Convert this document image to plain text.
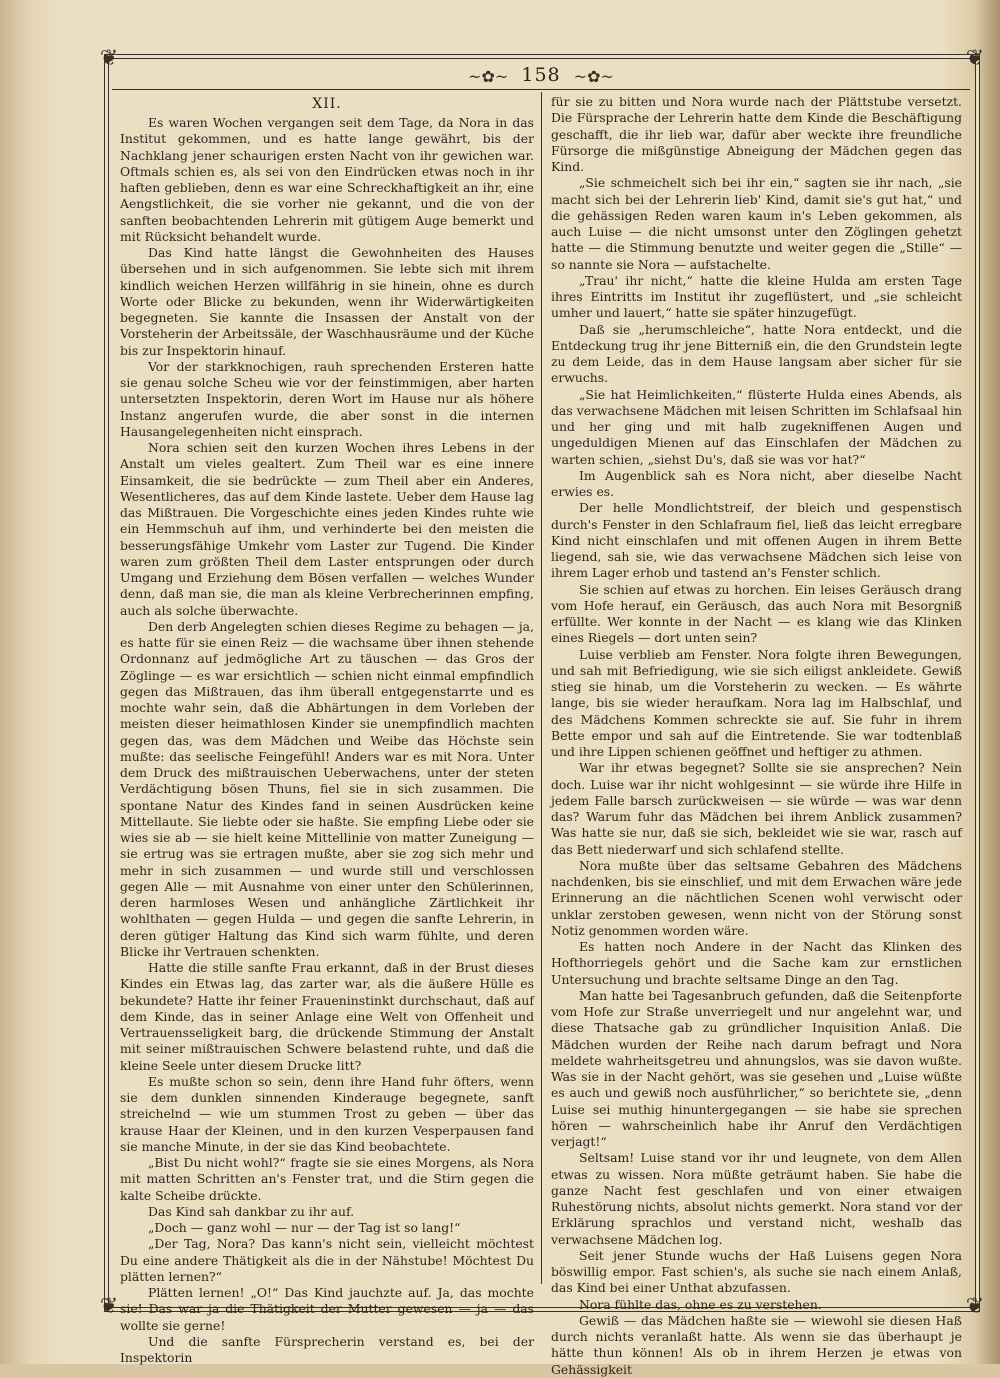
❦	❦
❦	❦
~✿~ 158 ~✿~
XII.

Es waren Wochen vergangen seit dem Tage, da Nora in das Institut gekommen, und es hatte lange gewährt, bis der Nachklang jener schaurigen ersten Nacht von ihr gewichen war. Oftmals schien es, als sei von den Eindrücken etwas noch in ihr haften geblieben, denn es war eine Schreckhaftigkeit an ihr, eine Aengstlichkeit, die sie vorher nie gekannt, und die von der sanften beobachtenden Lehrerin mit gütigem Auge bemerkt und mit Rücksicht behandelt wurde.

Das Kind hatte längst die Gewohnheiten des Hauses übersehen und in sich aufgenommen. Sie lebte sich mit ihrem kindlich weichen Herzen willfährig in sie hinein, ohne es durch Worte oder Blicke zu bekunden, wenn ihr Widerwärtigkeiten begegneten. Sie kannte die Insassen der Anstalt von der Vorsteherin der Arbeitssäle, der Waschhausräume und der Küche bis zur Inspektorin hinauf.

Vor der starkknochigen, rauh sprechenden Ersteren hatte sie genau solche Scheu wie vor der feinstimmigen, aber harten untersetzten Inspektorin, deren Wort im Hause nur als höhere Instanz angerufen wurde, die aber sonst in die internen Hausangelegenheiten nicht einsprach.

Nora schien seit den kurzen Wochen ihres Lebens in der Anstalt um vieles gealtert. Zum Theil war es eine innere Einsamkeit, die sie bedrückte — zum Theil aber ein Anderes, Wesentlicheres, das auf dem Kinde lastete. Ueber dem Hause lag das Mißtrauen. Die Vorgeschichte eines jeden Kindes ruhte wie ein Hemmschuh auf ihm, und verhinderte bei den meisten die besserungsfähige Umkehr vom Laster zur Tugend. Die Kinder waren zum größten Theil dem Laster entsprungen oder durch Umgang und Erziehung dem Bösen verfallen — welches Wunder denn, daß man sie, die man als kleine Verbrecherinnen empfing, auch als solche überwachte.

Den derb Angelegten schien dieses Regime zu behagen — ja, es hatte für sie einen Reiz — die wachsame über ihnen stehende Ordonnanz auf jedmögliche Art zu täuschen — das Gros der Zöglinge — es war ersichtlich — schien nicht einmal empfindlich gegen das Mißtrauen, das ihm überall entgegenstarrte und es mochte wahr sein, daß die Abhärtungen in dem Vorleben der meisten dieser heimathlosen Kinder sie unempfindlich machten gegen das, was dem Mädchen und Weibe das Höchste sein mußte: das seelische Feingefühl! Anders war es mit Nora. Unter dem Druck des mißtrauischen Ueberwachens, unter der steten Verdächtigung bösen Thuns, fiel sie in sich zusammen. Die spontane Natur des Kindes fand in seinen Ausdrücken keine Mittellaute. Sie liebte oder sie haßte. Sie empfing Liebe oder sie wies sie ab — sie hielt keine Mittellinie von matter Zuneigung — sie ertrug was sie ertragen mußte, aber sie zog sich mehr und mehr in sich zusammen — und wurde still und verschlossen gegen Alle — mit Ausnahme von einer unter den Schülerinnen, deren harmloses Wesen und anhängliche Zärtlichkeit ihr wohlthaten — gegen Hulda — und gegen die sanfte Lehrerin, in deren gütiger Haltung das Kind sich warm fühlte, und deren Blicke ihr Vertrauen schenkten.

Hatte die stille sanfte Frau erkannt, daß in der Brust dieses Kindes ein Etwas lag, das zarter war, als die äußere Hülle es bekundete? Hatte ihr feiner Fraueninstinkt durchschaut, daß auf dem Kinde, das in seiner Anlage eine Welt von Offenheit und Vertrauensseligkeit barg, die drückende Stimmung der Anstalt mit seiner mißtrauischen Schwere belastend ruhte, und daß die kleine Seele unter diesem Drucke litt?

Es mußte schon so sein, denn ihre Hand fuhr öfters, wenn sie dem dunklen sinnenden Kinderauge begegnete, sanft streichelnd — wie um stummen Trost zu geben — über das krause Haar der Kleinen, und in den kurzen Vesperpausen fand sie manche Minute, in der sie das Kind beobachtete.

„Bist Du nicht wohl?“ fragte sie sie eines Morgens, als Nora mit matten Schritten an's Fenster trat, und die Stirn gegen die kalte Scheibe drückte.

Das Kind sah dankbar zu ihr auf.

„Doch — ganz wohl — nur — der Tag ist so lang!“

„Der Tag, Nora? Das kann's nicht sein, vielleicht möchtest Du eine andere Thätigkeit als die in der Nähstube! Möchtest Du plätten lernen?“

Plätten lernen! „O!“ Das Kind jauchzte auf. Ja, das mochte sie! Das war ja die Thätigkeit der Mutter gewesen — ja — das wollte sie gerne!

Und die sanfte Fürsprecherin verstand es, bei der Inspektorin

für sie zu bitten und Nora wurde nach der Plättstube versetzt. Die Fürsprache der Lehrerin hatte dem Kinde die Beschäftigung geschafft, die ihr lieb war, dafür aber weckte ihre freundliche Fürsorge die mißgünstige Abneigung der Mädchen gegen das Kind.

„Sie schmeichelt sich bei ihr ein,“ sagten sie ihr nach, „sie macht sich bei der Lehrerin lieb' Kind, damit sie's gut hat,“ und die gehässigen Reden waren kaum in's Leben gekommen, als auch Luise — die nicht umsonst unter den Zöglingen gehetzt hatte — die Stimmung benutzte und weiter gegen die „Stille“ — so nannte sie Nora — aufstachelte.

„Trau' ihr nicht,“ hatte die kleine Hulda am ersten Tage ihres Eintritts im Institut ihr zugeflüstert, und „sie schleicht umher und lauert,“ hatte sie später hinzugefügt.

Daß sie „herumschleiche“, hatte Nora entdeckt, und die Entdeckung trug ihr jene Bitterniß ein, die den Grundstein legte zu dem Leide, das in dem Hause langsam aber sicher für sie erwuchs.

„Sie hat Heimlichkeiten,“ flüsterte Hulda eines Abends, als das verwachsene Mädchen mit leisen Schritten im Schlafsaal hin und her ging und mit halb zugekniffenen Augen und ungeduldigen Mienen auf das Einschlafen der Mädchen zu warten schien, „siehst Du's, daß sie was vor hat?“

Im Augenblick sah es Nora nicht, aber dieselbe Nacht erwies es.

Der helle Mondlichtstreif, der bleich und gespenstisch durch's Fenster in den Schlafraum fiel, ließ das leicht erregbare Kind nicht einschlafen und mit offenen Augen in ihrem Bette liegend, sah sie, wie das verwachsene Mädchen sich leise von ihrem Lager erhob und tastend an's Fenster schlich.

Sie schien auf etwas zu horchen. Ein leises Geräusch drang vom Hofe herauf, ein Geräusch, das auch Nora mit Besorgniß erfüllte. Wer konnte in der Nacht — es klang wie das Klinken eines Riegels — dort unten sein?

Luise verblieb am Fenster. Nora folgte ihren Bewegungen, und sah mit Befriedigung, wie sie sich eiligst ankleidete. Gewiß stieg sie hinab, um die Vorsteherin zu wecken. — Es währte lange, bis sie wieder heraufkam. Nora lag im Halbschlaf, und des Mädchens Kommen schreckte sie auf. Sie fuhr in ihrem Bette empor und sah auf die Eintretende. Sie war todtenblaß und ihre Lippen schienen geöffnet und heftiger zu athmen.

War ihr etwas begegnet? Sollte sie sie ansprechen? Nein doch. Luise war ihr nicht wohlgesinnt — sie würde ihre Hilfe in jedem Falle barsch zurückweisen — sie würde — was war denn das? Warum fuhr das Mädchen bei ihrem Anblick zusammen? Was hatte sie nur, daß sie sich, bekleidet wie sie war, rasch auf das Bett niederwarf und sich schlafend stellte.

Nora mußte über das seltsame Gebahren des Mädchens nachdenken, bis sie einschlief, und mit dem Erwachen wäre jede Erinnerung an die nächtlichen Scenen wohl verwischt oder unklar zerstoben gewesen, wenn nicht von der Störung sonst Notiz genommen worden wäre.

Es hatten noch Andere in der Nacht das Klinken des Hofthorriegels gehört und die Sache kam zur ernstlichen Untersuchung und brachte seltsame Dinge an den Tag.

Man hatte bei Tagesanbruch gefunden, daß die Seitenpforte vom Hofe zur Straße unverriegelt und nur angelehnt war, und diese Thatsache gab zu gründlicher Inquisition Anlaß. Die Mädchen wurden der Reihe nach darum befragt und Nora meldete wahrheitsgetreu und ahnungslos, was sie davon wußte. Was sie in der Nacht gehört, was sie gesehen und „Luise wüßte es auch und gewiß noch ausführlicher,“ so berichtete sie, „denn Luise sei muthig hinuntergegangen — sie habe sie sprechen hören — wahrscheinlich habe ihr Anruf den Verdächtigen verjagt!“

Seltsam! Luise stand vor ihr und leugnete, von dem Allen etwas zu wissen. Nora müßte geträumt haben. Sie habe die ganze Nacht fest geschlafen und von einer etwaigen Ruhestörung nichts, absolut nichts gemerkt. Nora stand vor der Erklärung sprachlos und verstand nicht, weshalb das verwachsene Mädchen log.

Seit jener Stunde wuchs der Haß Luisens gegen Nora böswillig empor. Fast schien's, als suche sie nach einem Anlaß, das Kind bei einer Unthat abzufassen.

Nora fühlte das, ohne es zu verstehen.

Gewiß — das Mädchen haßte sie — wiewohl sie diesen Haß durch nichts veranlaßt hatte. Als wenn sie das überhaupt je hätte thun können! Als ob in ihrem Herzen je etwas von Gehässigkeit
